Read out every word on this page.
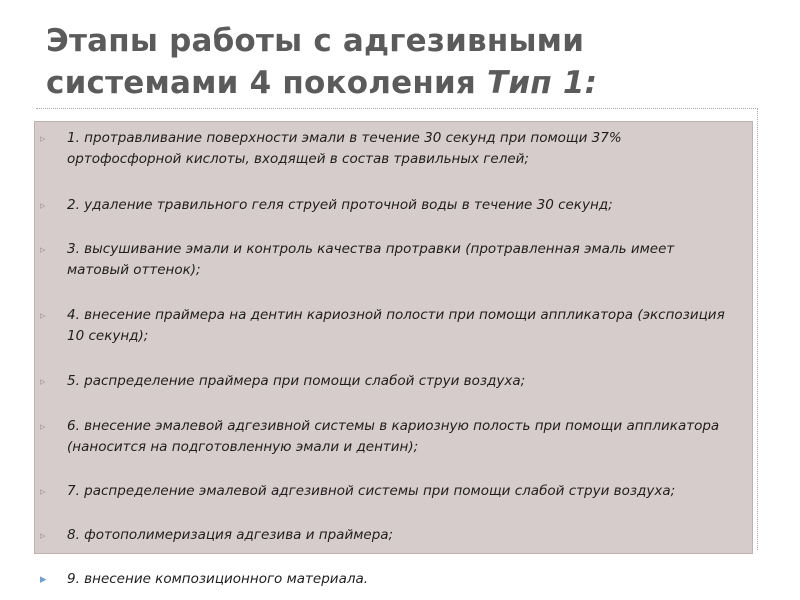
Этапы работы с адгезивными
системами 4 поколения Тип 1:
▹	1. протравливание поверхности эмали в течение 30 секунд при помощи 37% ортофосфорной кислоты, входящей в состав травильных гелей;
▹	2. удаление травильного геля струей проточной воды в течение 30 секунд;
▹	3. высушивание эмали и контроль качества протравки (протравленная эмаль имеет матовый оттенок);
▹	4. внесение праймера на дентин кариозной полости при помощи аппликатора (экспозиция 10 секунд);
▹	5. распределение праймера при помощи слабой струи воздуха;
▹	6. внесение эмалевой адгезивной системы в кариозную полость при помощи аппликатора (наносится на подготовленную эмали и дентин);
▹	7. распределение эмалевой адгезивной системы при помощи слабой струи воздуха;
▹	8. фотополимеризация адгезива и праймера;
▸	9. внесение композиционного материала.
